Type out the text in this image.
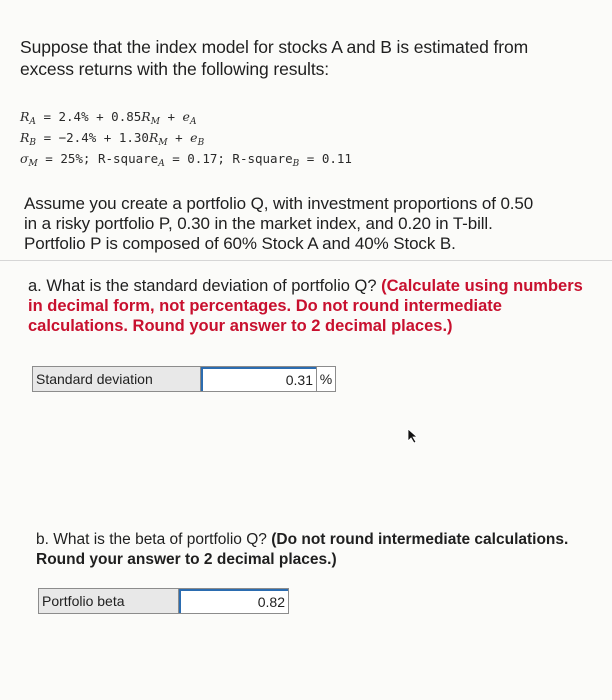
Suppose that the index model for stocks A and B is estimated from excess returns with the following results:
$R_A = 2.4\% + 0.85R_M + e_A$
$R_B = -2.4\% + 1.30R_M + e_B$
$\sigma_M = 25\%$; R-square$_A$ = 0.17; R-square$_B$ = 0.11
Assume you create a portfolio Q, with investment proportions of 0.50
in a risky portfolio P, 0.30 in the market index, and 0.20 in T-bill.
Portfolio P is composed of 60% Stock A and 40% Stock B.
a. What is the standard deviation of portfolio Q? (Calculate using numbers in decimal form, not percentages. Do not round intermediate calculations. Round your answer to 2 decimal places.)
Standard deviation	0.31 %
b. What is the beta of portfolio Q? (Do not round intermediate calculations. Round your answer to 2 decimal places.)
Portfolio beta	0.82
